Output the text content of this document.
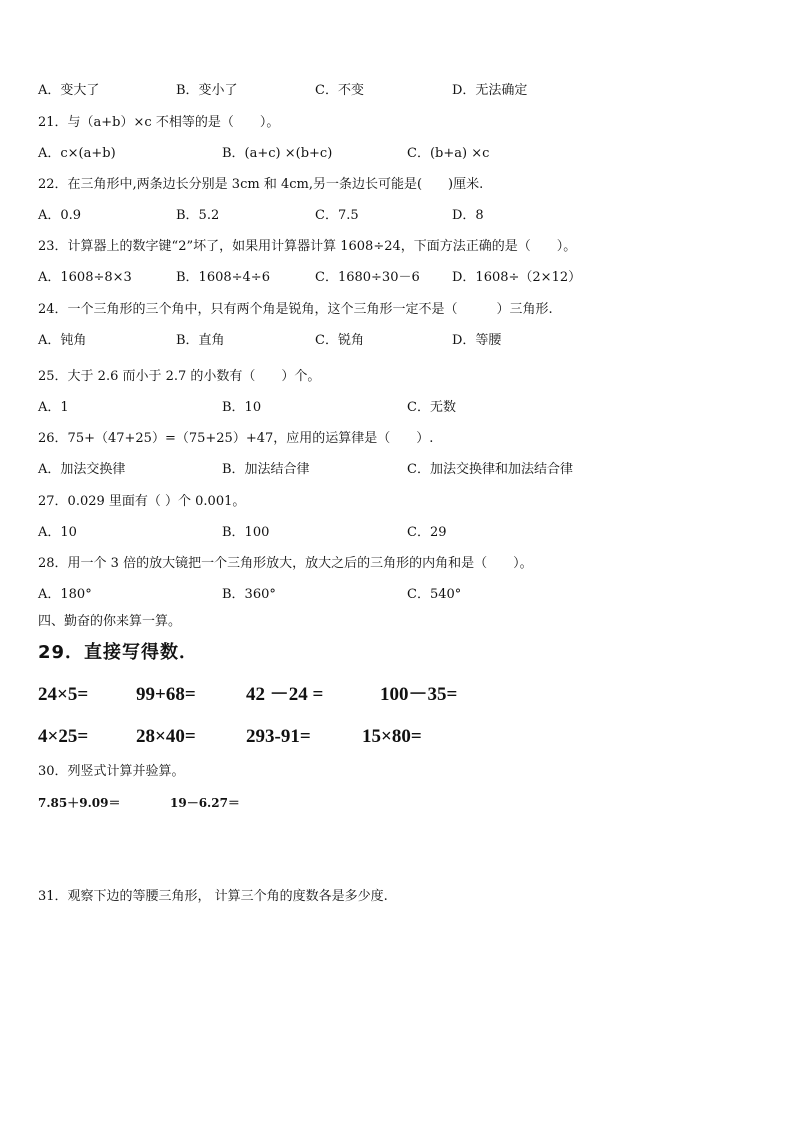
A．变大了	B．变小了	C．不变	D．无法确定
21．与（a+b）×c 不相等的是（　　）。
A．c×(a+b)	B．(a+c) ×(b+c)	C．(b+a) ×c
22．在三角形中,两条边长分别是 3cm 和 4cm,另一条边长可能是(　　)厘米.
A．0.9	B．5.2	C．7.5	D．8
23．计算器上的数字键“2”坏了，如果用计算器计算 1608÷24，下面方法正确的是（　　）。
A．1608÷8×3	B．1608÷4÷6	C．1680÷30－6 D．1608÷（2×12）
24．一个三角形的三个角中，只有两个角是锐角，这个三角形一定不是（　　　）三角形.
A．钝角	B．直角	C．锐角	D．等腰
25．大于 2.6 而小于 2.7 的小数有（　　）个。
A．1	B．10	C．无数
26．75+（47+25）=（75+25）+47，应用的运算律是（　　）.
A．加法交换律	B．加法结合律	C．加法交换律和加法结合律
27．0.029 里面有（ ）个 0.001。
A．10	B．100	C．29
28．用一个 3 倍的放大镜把一个三角形放大，放大之后的三角形的内角和是（　　）。
A．180°	B．360°	C．540°
四、勤奋的你来算一算。
29．直接写得数．
24×5=	99+68=	42 －24 =	100－35=
4×25=	28×40=	293-91=	15×80=
30．列竖式计算并验算。
7.85＋9.09＝	19－6.27＝
31．观察下边的等腰三角形， 计算三个角的度数各是多少度.
